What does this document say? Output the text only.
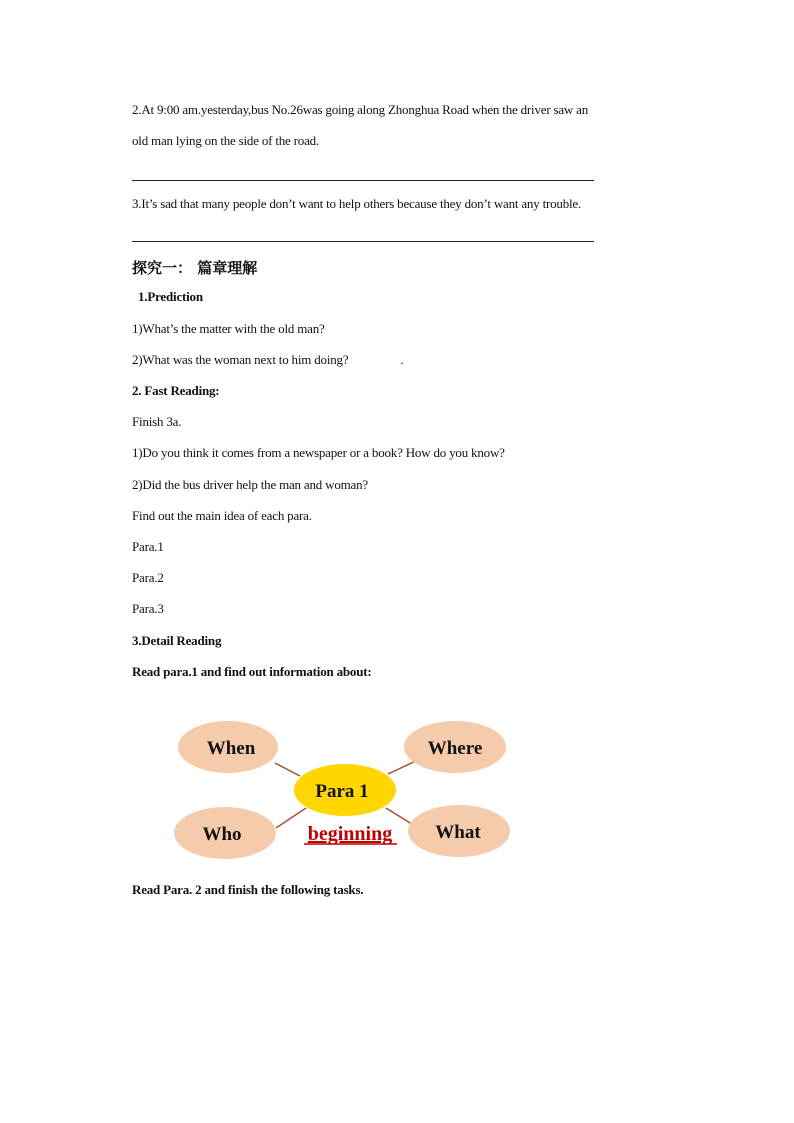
2.At 9:00 am.yesterday,bus No.26was going along Zhonghua Road when the driver saw an
old man lying on the side of the road.
3.It’s sad that many people don’t want to help others because they don’t want any trouble.
探究一： 篇章理解
1.Prediction
1)What’s the matter with the old man?
2)What was the woman next to him doing?	.
2. Fast Reading:
Finish 3a.
1)Do you think it comes from a newspaper or a book? How do you know?
2)Did the bus driver help the man and woman?
Find out the main idea of each para.
Para.1
Para.2
Para.3
3.Detail Reading
Read para.1 and find out information about:
When	Where
Who	What
Para 1
beginning
Read Para. 2 and finish the following tasks.
